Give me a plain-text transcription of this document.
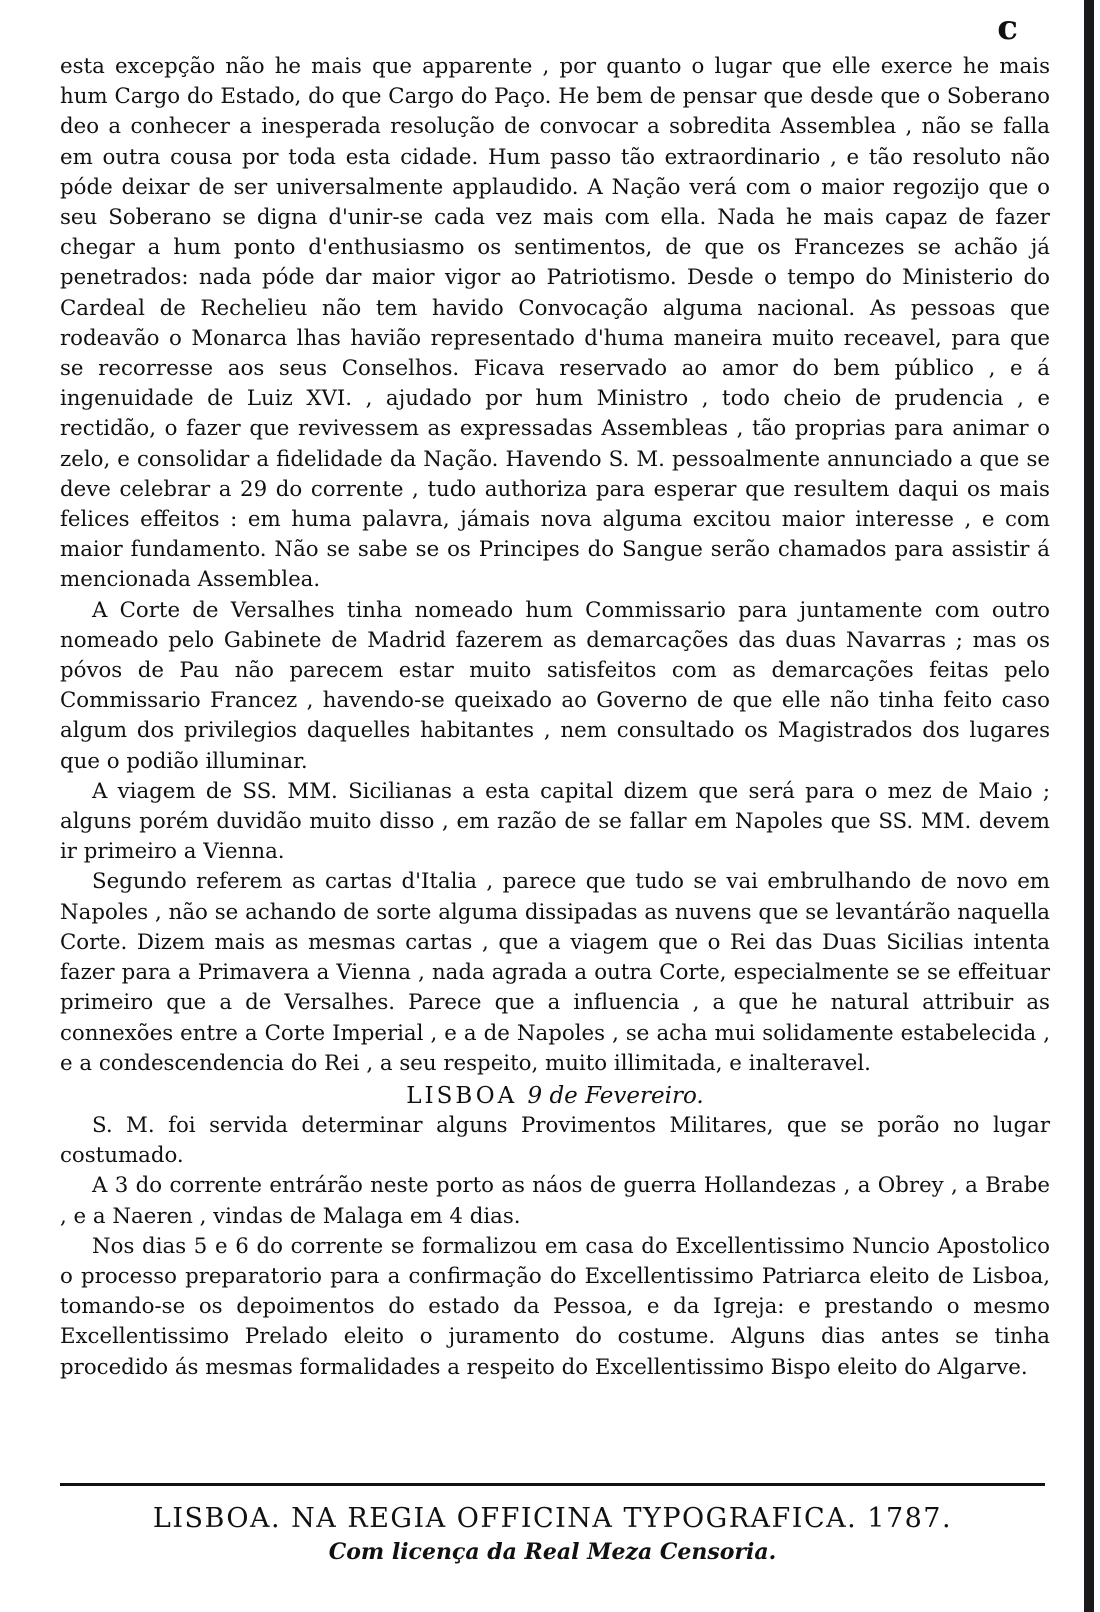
c

esta excepção não he mais que apparente , por quanto o lugar que elle exerce he mais hum Cargo do Estado, do que Cargo do Paço. He bem de pensar que desde que o Soberano deo a conhecer a inesperada resolução de convocar a sobredita Assemblea , não se falla em outra cousa por toda esta cidade. Hum passo tão extraordinario , e tão resoluto não póde deixar de ser universalmente applaudido. A Nação verá com o maior regozijo que o seu Soberano se digna d'unir-se cada vez mais com ella. Nada he mais capaz de fazer chegar a hum ponto d'enthusiasmo os sentimentos, de que os Francezes se achão já penetrados: nada póde dar maior vigor ao Patriotismo. Desde o tempo do Ministerio do Cardeal de Rechelieu não tem havido Convocação alguma nacional. As pessoas que rodeavão o Monarca lhas havião representado d'huma maneira muito receavel, para que se recorresse aos seus Conselhos. Ficava reservado ao amor do bem público , e á ingenuidade de Luiz XVI. , ajudado por hum Ministro , todo cheio de prudencia , e rectidão, o fazer que revivessem as expressadas Assembleas , tão proprias para animar o zelo, e consolidar a fidelidade da Nação. Havendo S. M. pessoalmente annunciado a que se deve celebrar a 29 do corrente , tudo authoriza para esperar que resultem daqui os mais felices effeitos : em huma palavra, jámais nova alguma excitou maior interesse , e com maior fundamento. Não se sabe se os Principes do Sangue serão chamados para assistir á mencionada Assemblea.

A Corte de Versalhes tinha nomeado hum Commissario para juntamente com outro nomeado pelo Gabinete de Madrid fazerem as demarcações das duas Navarras ; mas os póvos de Pau não parecem estar muito satisfeitos com as demarcações feitas pelo Commissario Francez , havendo-se queixado ao Governo de que elle não tinha feito caso algum dos privilegios daquelles habitantes , nem consultado os Magistrados dos lugares que o podião illuminar.

A viagem de SS. MM. Sicilianas a esta capital dizem que será para o mez de Maio ; alguns porém duvidão muito disso , em razão de se fallar em Napoles que SS. MM. devem ir primeiro a Vienna.

Segundo referem as cartas d'Italia , parece que tudo se vai embrulhando de novo em Napoles , não se achando de sorte alguma dissipadas as nuvens que se levantárão naquella Corte. Dizem mais as mesmas cartas , que a viagem que o Rei das Duas Sicilias intenta fazer para a Primavera a Vienna , nada agrada a outra Corte, especialmente se se effeituar primeiro que a de Versalhes. Parece que a influencia , a que he natural attribuir as connexões entre a Corte Imperial , e a de Napoles , se acha mui solidamente estabelecida , e a condescendencia do Rei , a seu respeito, muito illimitada, e inalteravel.

LISBOA 9 de Fevereiro.

S. M. foi servida determinar alguns Provimentos Militares, que se porão no lugar costumado.

A 3 do corrente entrárão neste porto as náos de guerra Hollandezas , a Obrey , a Brabe , e a Naeren , vindas de Malaga em 4 dias.

Nos dias 5 e 6 do corrente se formalizou em casa do Excellentissimo Nuncio Apostolico o processo preparatorio para a confirmação do Excellentissimo Patriarca eleito de Lisboa, tomando-se os depoimentos do estado da Pessoa, e da Igreja: e prestando o mesmo Excellentissimo Prelado eleito o juramento do costume. Alguns dias antes se tinha procedido ás mesmas formalidades a respeito do Excellentissimo Bispo eleito do Algarve.

LISBOA. NA REGIA OFFICINA TYPOGRAFICA. 1787.
Com licença da Real Meza Censoria.
